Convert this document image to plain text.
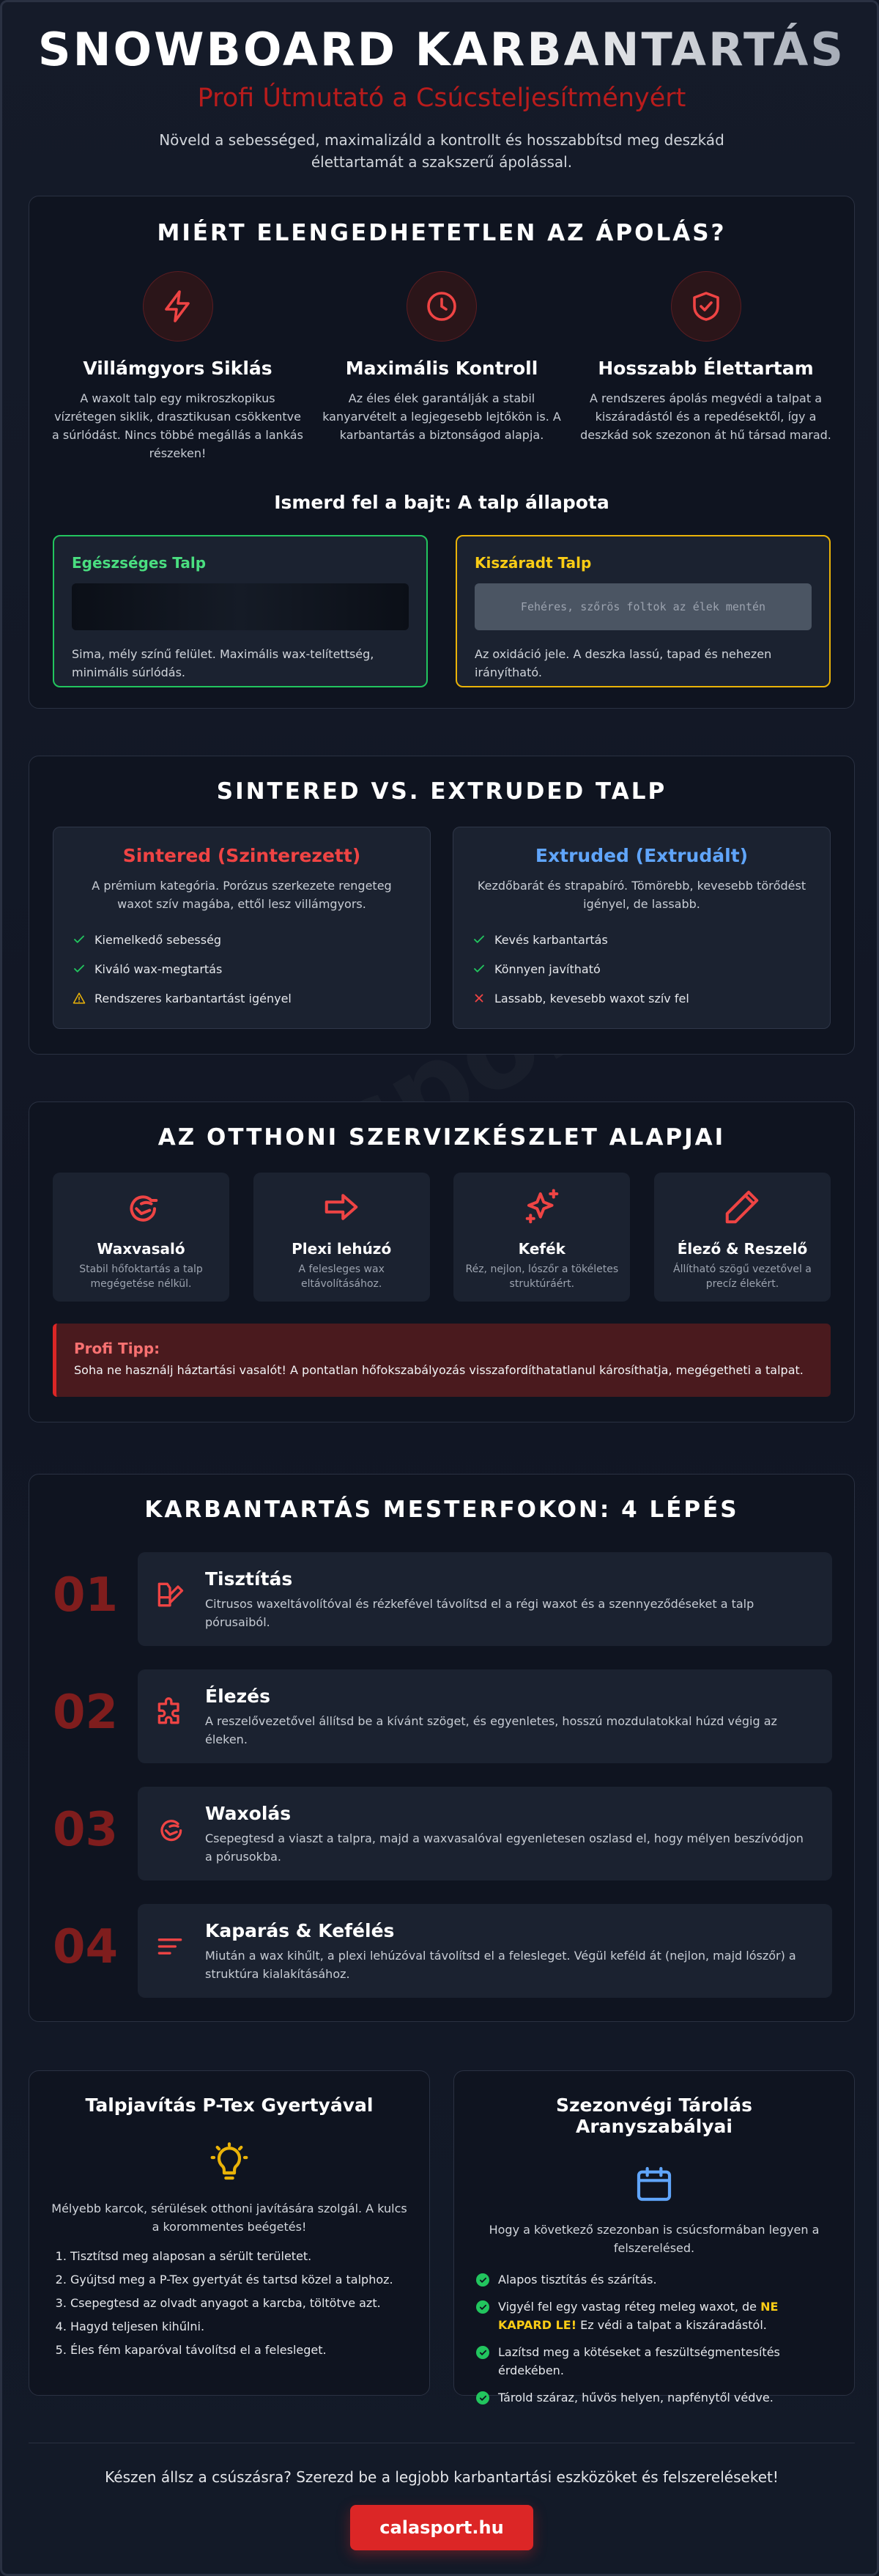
SNOWBOARD KARBANTARTÁS
Profi Útmutató a Csúcsteljesítményért

Növeld a sebességed, maximalizáld a kontrollt és hosszabbítsd meg deszkád élettartamát a szakszerű ápolással.

MIÉRT ELENGEDHETETLEN AZ ÁPOLÁS?
Villámgyors Siklás

A waxolt talp egy mikroszkopikus vízrétegen siklik, drasztikusan csökkentve a súrlódást. Nincs többé megállás a lankás részeken!

Maximális Kontroll

Az éles élek garantálják a stabil kanyarvételt a legjegesebb lejtőkön is. A karbantartás a biztonságod alapja.

Hosszabb Élettartam

A rendszeres ápolás megvédi a talpat a kiszáradástól és a repedésektől, így a deszkád sok szezonon át hű társad marad.

Ismerd fel a bajt: A talp állapota
Egészséges Talp

Sima, mély színű felület. Maximális wax-telítettség, minimális súrlódás.

Kiszáradt Talp
Fehéres, szőrös foltok az élek mentén

Az oxidáció jele. A deszka lassú, tapad és nehezen irányítható.

SINTERED VS. EXTRUDED TALP
Sintered (Szinterezett)

A prémium kategória. Porózus szerkezete rengeteg waxot szív magába, ettől lesz villámgyors.

Kiemelkedő sebesség
Kiváló wax-megtartás
Rendszeres karbantartást igényel
Extruded (Extrudált)

Kezdőbarát és strapabíró. Tömörebb, kevesebb törődést igényel, de lassabb.

Kevés karbantartás
Könnyen javítható
Lassabb, kevesebb waxot szív fel
AZ OTTHONI SZERVIZKÉSZLET ALAPJAI
Waxvasaló

Stabil hőfoktartás a talp megégetése nélkül.

Plexi lehúzó

A felesleges wax eltávolításához.

Kefék

Réz, nejlon, lószőr a tökéletes struktúráért.

Élező & Reszelő

Állítható szögű vezetővel a precíz élekért.

Profi Tipp:

Soha ne használj háztartási vasalót! A pontatlan hőfokszabályozás visszafordíthatatlanul károsíthatja, megégetheti a talpat.

KARBANTARTÁS MESTERFOKON: 4 LÉPÉS
01	Tisztítás

Citrusos waxeltávolítóval és rézkefével távolítsd el a régi waxot és a szennyeződéseket a talp pórusaiból.

02	Élezés

A reszelővezetővel állítsd be a kívánt szöget, és egyenletes, hosszú mozdulatokkal húzd végig az éleken.

03	Waxolás

Csepegtesd a viaszt a talpra, majd a waxvasalóval egyenletesen oszlasd el, hogy mélyen beszívódjon a pórusokba.

04	Kaparás & Kefélés

Miután a wax kihűlt, a plexi lehúzóval távolítsd el a felesleget. Végül keféld át (nejlon, majd lószőr) a struktúra kialakításához.

Talpjavítás P-Tex Gyertyával

Mélyebb karcok, sérülések otthoni javítására szolgál. A kulcs a korommentes beégetés!

1. Tisztítsd meg alaposan a sérült területet.
2. Gyújtsd meg a P-Tex gyertyát és tartsd közel a talphoz.
3. Csepegtesd az olvadt anyagot a karcba, töltötve azt.
4. Hagyd teljesen kihűlni.
5. Éles fém kaparóval távolítsd el a felesleget.
Szezonvégi Tárolás Aranyszabályai

Hogy a következő szezonban is csúcsformában legyen a felszerelésed.

Alapos tisztítás és szárítás.
Vigyél fel egy vastag réteg meleg waxot, de NE KAPARD LE! Ez védi a talpat a kiszáradástól.
Lazítsd meg a kötéseket a feszültségmentesítés érdekében.
Tárold száraz, hűvös helyen, napfénytől védve.

Készen állsz a csúszásra? Szerezd be a legjobb karbantartási eszközöket és felszereléseket!

calasport.hu
